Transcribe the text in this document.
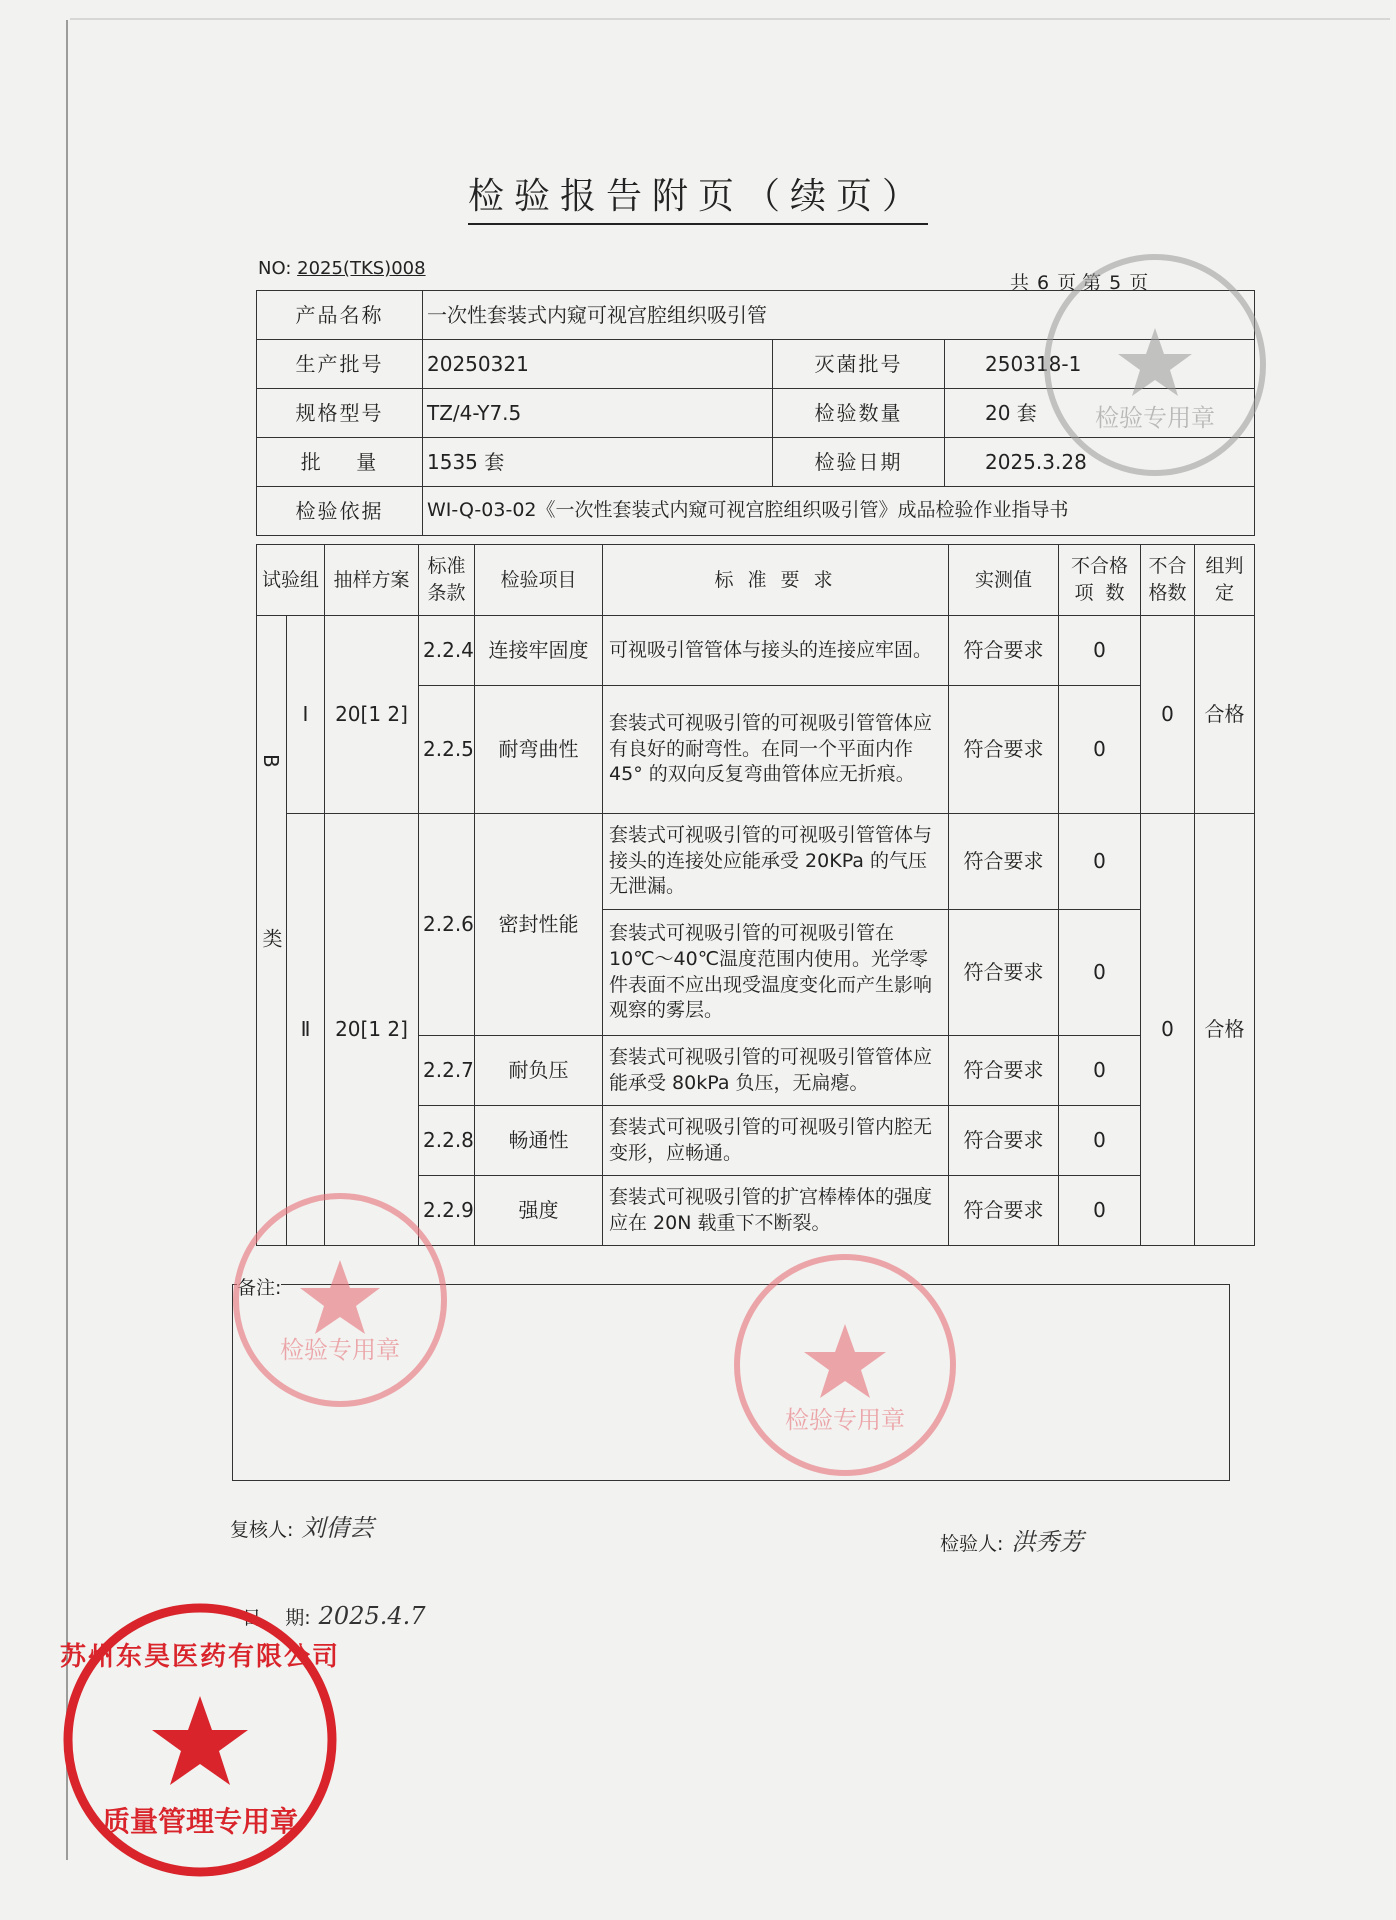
检验报告附页（续页）
NO: 2025(TKS)008
共 6 页 第 5 页
产品名称	一次性套装式内窥可视宫腔组织吸引管		
生产批号	20250321	灭菌批号	250318-1
规格型号	TZ/4-Y7.5	检验数量	20 套
批    量	1535 套	检验日期	2025.3.28
检验依据	WI-Q-03-02《一次性套装式内窥可视宫腔组织吸引管》成品检验作业指导书		
试验组		抽样方案	标准条款	检验项目	标 准 要 求	实测值	不合格项  数	不合格数	组判定

B类	Ⅰ	20[1 2]	2.2.4	连接牢固度	可视吸引管管体与接头的连接应牢固。	符合要求	0	0	合格
			2.2.5	耐弯曲性	套装式可视吸引管的可视吸引管管体应有良好的耐弯性。在同一个平面内作 45° 的双向反复弯曲管体应无折痕。	符合要求	0		
	Ⅱ	20[1 2]	2.2.6	密封性能	套装式可视吸引管的可视吸引管管体与接头的连接处应能承受 20KPa 的气压无泄漏。	符合要求	0	0	合格
					套装式可视吸引管的可视吸引管在 10℃～40℃温度范围内使用。光学零件表面不应出现受温度变化而产生影响观察的雾层。	符合要求	0		
			2.2.7	耐负压	套装式可视吸引管的可视吸引管管体应能承受 80kPa 负压，无扁瘪。	符合要求	0		
			2.2.8	畅通性	套装式可视吸引管的可视吸引管内腔无变形，应畅通。	符合要求	0		
			2.2.9	强度	套装式可视吸引管的扩宫棒棒体的强度应在 20N 载重下不断裂。	符合要求	0		
备注:
复核人: 刘倩芸
检验人: 洪秀芳

日    期: 2025.4.7

检验专用章
检验专用章
检验专用章
苏州东昊医药有限公司
质量管理专用章
